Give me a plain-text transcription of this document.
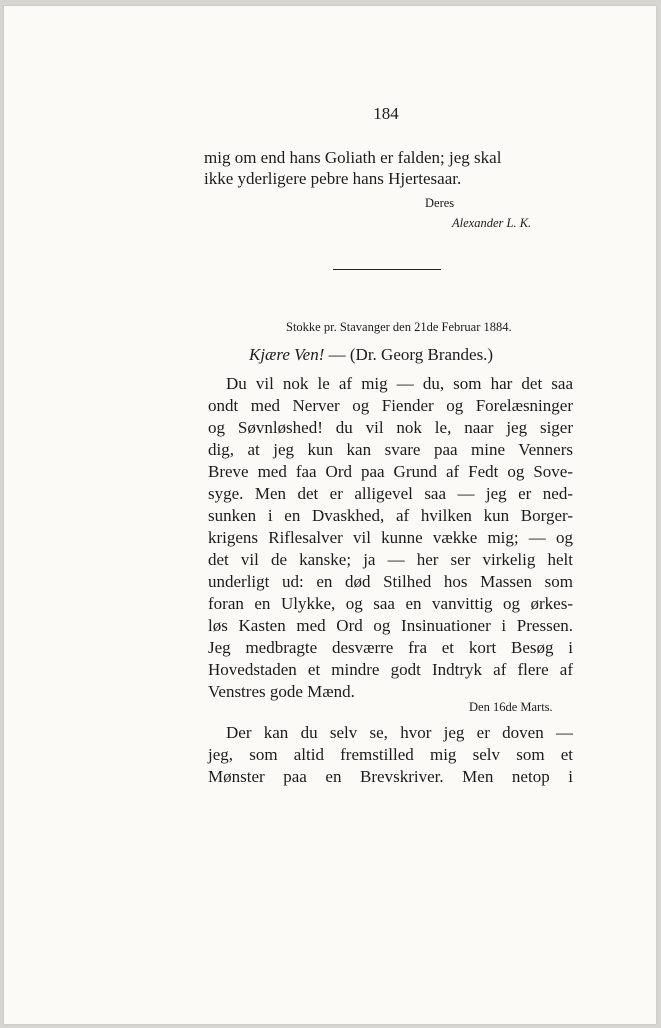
184
mig om end hans Goliath er falden; jeg skal
ikke yderligere pebre hans Hjertesaar.
Deres
Alexander L. K.
Stokke pr. Stavanger den 21de Februar 1884.
Kjære Ven! — (Dr. Georg Brandes.)
Du vil nok le af mig — du, som har det saa
ondt med Nerver og Fiender og Forelæsninger
og Søvnløshed! du vil nok le, naar jeg siger
dig, at jeg kun kan svare paa mine Venners
Breve med faa Ord paa Grund af Fedt og Sove-
syge. Men det er alligevel saa — jeg er ned-
sunken i en Dvaskhed, af hvilken kun Borger-
krigens Riflesalver vil kunne vække mig; — og
det vil de kanske; ja — her ser virkelig helt
underligt ud: en død Stilhed hos Massen som
foran en Ulykke, og saa en vanvittig og ørkes-
løs Kasten med Ord og Insinuationer i Pressen.
Jeg medbragte desværre fra et kort Besøg i
Hovedstaden et mindre godt Indtryk af flere af
Venstres gode Mænd.
Den 16de Marts.
Der kan du selv se, hvor jeg er doven —
jeg, som altid fremstilled mig selv som et
Mønster paa en Brevskriver. Men netop i
